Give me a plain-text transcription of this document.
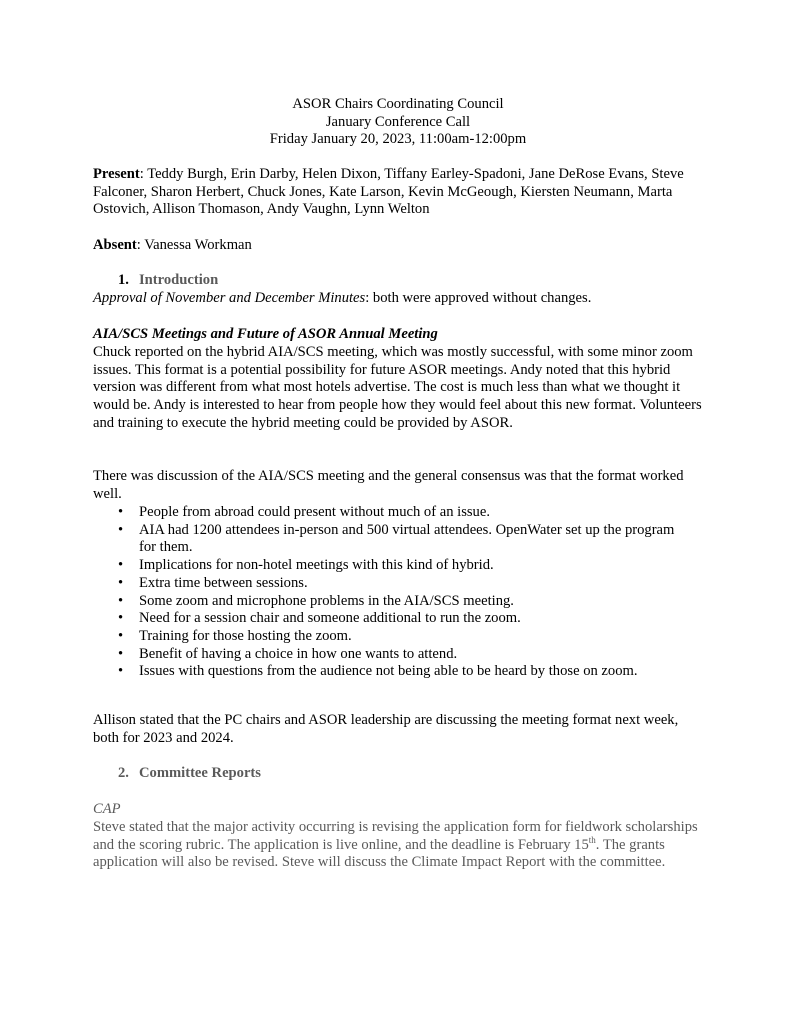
ASOR Chairs Coordinating Council
January Conference Call
Friday January 20, 2023, 11:00am-12:00pm

Present: Teddy Burgh, Erin Darby, Helen Dixon, Tiffany Earley-Spadoni, Jane DeRose Evans, Steve Falconer, Sharon Herbert, Chuck Jones, Kate Larson, Kevin McGeough, Kiersten Neumann, Marta Ostovich, Allison Thomason, Andy Vaughn, Lynn Welton

Absent: Vanessa Workman

1. Introduction

Approval of November and December Minutes: both were approved without changes.

AIA/SCS Meetings and Future of ASOR Annual Meeting

Chuck reported on the hybrid AIA/SCS meeting, which was mostly successful, with some minor zoom issues. This format is a potential possibility for future ASOR meetings. Andy noted that this hybrid version was different from what most hotels advertise. The cost is much less than what we thought it would be. Andy is interested to hear from people how they would feel about this new format. Volunteers and training to execute the hybrid meeting could be provided by ASOR.

There was discussion of the AIA/SCS meeting and the general consensus was that the format worked well.

• People from abroad could present without much of an issue.
• AIA had 1200 attendees in-person and 500 virtual attendees. OpenWater set up the program for them.
• Implications for non-hotel meetings with this kind of hybrid.
• Extra time between sessions.
• Some zoom and microphone problems in the AIA/SCS meeting.
• Need for a session chair and someone additional to run the zoom.
• Training for those hosting the zoom.
• Benefit of having a choice in how one wants to attend.
• Issues with questions from the audience not being able to be heard by those on zoom.

Allison stated that the PC chairs and ASOR leadership are discussing the meeting format next week, both for 2023 and 2024.

2. Committee Reports

CAP

Steve stated that the major activity occurring is revising the application form for fieldwork scholarships and the scoring rubric. The application is live online, and the deadline is February 15th. The grants application will also be revised. Steve will discuss the Climate Impact Report with the committee.
